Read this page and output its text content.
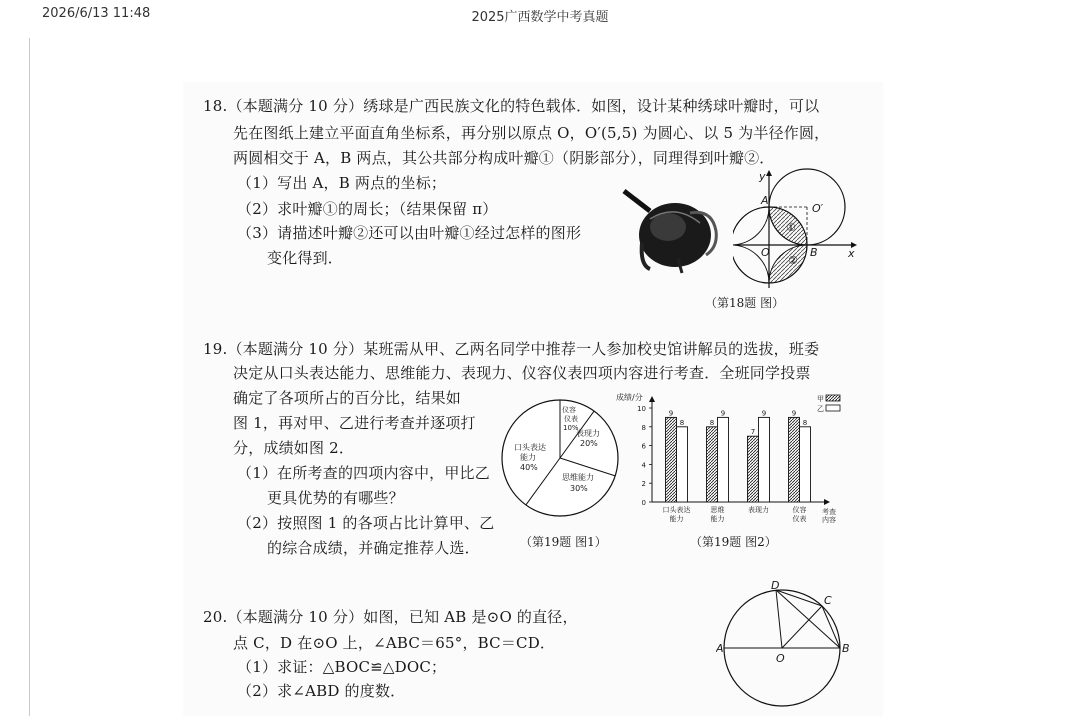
2026/6/13 11:48	2025广西数学中考真题
18.（本题满分 10 分）绣球是广西民族文化的特色载体．如图，设计某种绣球叶瓣时，可以
先在图纸上建立平面直角坐标系，再分别以原点 O，O′(5,5) 为圆心、以 5 为半径作圆，
两圆相交于 A，B 两点，其公共部分构成叶瓣①（阴影部分），同理得到叶瓣②．
（1）写出 A，B 两点的坐标；
（2）求叶瓣①的周长；（结果保留 π）
（3）请描述叶瓣②还可以由叶瓣①经过怎样的图形
变化得到．
y
x
A
O′
O	B
①
②
（第18题 图）
19.（本题满分 10 分）某班需从甲、乙两名同学中推荐一人参加校史馆讲解员的选拔，班委
决定从口头表达能力、思维能力、表现力、仪容仪表四项内容进行考查．全班同学投票
确定了各项所占的百分比，结果如
图 1，再对甲、乙进行考查并逐项打
分，成绩如图 2．
（1）在所考查的四项内容中，甲比乙
更具优势的有哪些？
（2）按照图 1 的各项占比计算甲、乙
的综合成绩，并确定推荐人选．
口头表达
能力
40%
仪容
仪表
10%
表现力
20%
思维能力
30%
（第19题 图1）
成绩/分
0
2
4
6
8
10
9
8	8
9
7
9	9
8
口头表达
能力
思维
能力
表现力	仪容
仪表
甲
乙
考查
内容
（第19题 图2）
20.（本题满分 10 分）如图，已知 AB 是⊙O 的直径，
点 C，D 在⊙O 上，∠ABC＝65°，BC＝CD．
（1）求证：△BOC≌△DOC；
（2）求∠ABD 的度数．
A
O
B
C
D
